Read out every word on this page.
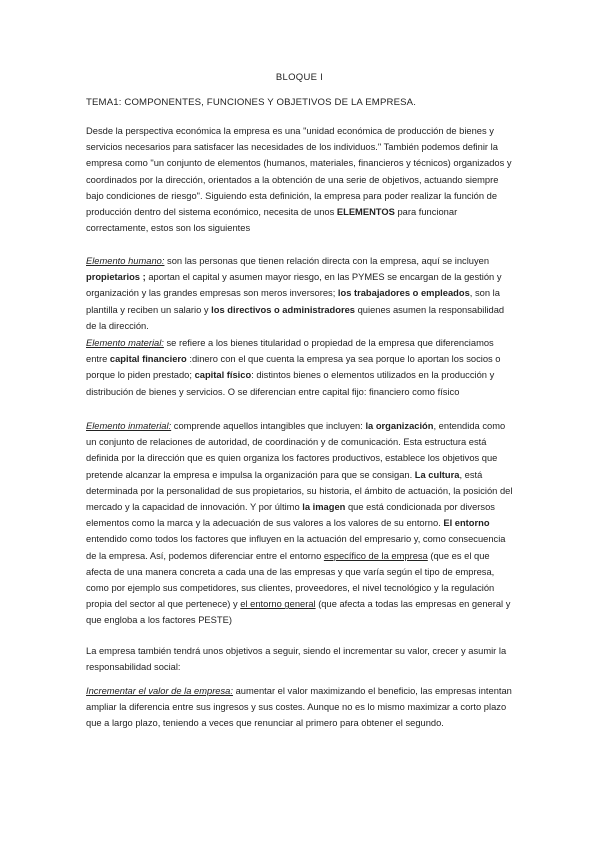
BLOQUE I
TEMA1: COMPONENTES, FUNCIONES Y OBJETIVOS DE LA EMPRESA.

Desde la perspectiva económica la empresa es una "unidad económica de producción de bienes y servicios necesarios para satisfacer las necesidades de los individuos." También podemos definir la empresa como "un conjunto de elementos (humanos, materiales, financieros y técnicos) organizados y coordinados por la dirección, orientados a la obtención de una serie de objetivos, actuando siempre bajo condiciones de riesgo". Siguiendo esta definición, la empresa para poder realizar la función de producción dentro del sistema económico, necesita de unos ELEMENTOS para funcionar correctamente, estos son los siguientes

Elemento humano: son las personas que tienen relación directa con la empresa, aquí se incluyen propietarios ; aportan el capital y asumen mayor riesgo, en las PYMES se encargan de la gestión y organización y las grandes empresas son meros inversores; los trabajadores o empleados, son la plantilla y reciben un salario y los directivos o administradores quienes asumen la responsabilidad de la dirección.

Elemento material: se refiere a los bienes titularidad o propiedad de la empresa que diferenciamos entre capital financiero :dinero con el que cuenta la empresa ya sea porque lo aportan los socios o porque lo piden prestado; capital físico: distintos bienes o elementos utilizados en la producción y distribución de bienes y servicios. O se diferencian entre capital fijo: financiero como físico

Elemento inmaterial: comprende aquellos intangibles que incluyen: la organización, entendida como un conjunto de relaciones de autoridad, de coordinación y de comunicación. Esta estructura está definida por la dirección que es quien organiza los factores productivos, establece los objetivos que pretende alcanzar la empresa e impulsa la organización para que se consigan. La cultura, está determinada por la personalidad de sus propietarios, su historia, el ámbito de actuación, la posición del mercado y la capacidad de innovación. Y por último la imagen que está condicionada por diversos elementos como la marca y la adecuación de sus valores a los valores de su entorno. El entorno entendido como todos los factores que influyen en la actuación del empresario y, como consecuencia de la empresa. Así, podemos diferenciar entre el entorno específico de la empresa (que es el que afecta de una manera concreta a cada una de las empresas y que varía según el tipo de empresa, como por ejemplo sus competidores, sus clientes, proveedores, el nivel tecnológico y la regulación propia del sector al que pertenece) y el entorno general (que afecta a todas las empresas en general y que engloba a los factores PESTE)

La empresa también tendrá unos objetivos a seguir, siendo el incrementar su valor, crecer y asumir la responsabilidad social:

Incrementar el valor de la empresa: aumentar el valor maximizando el beneficio, las empresas intentan ampliar la diferencia entre sus ingresos y sus costes. Aunque no es lo mismo maximizar a corto plazo que a largo plazo, teniendo a veces que renunciar al primero para obtener el segundo.
